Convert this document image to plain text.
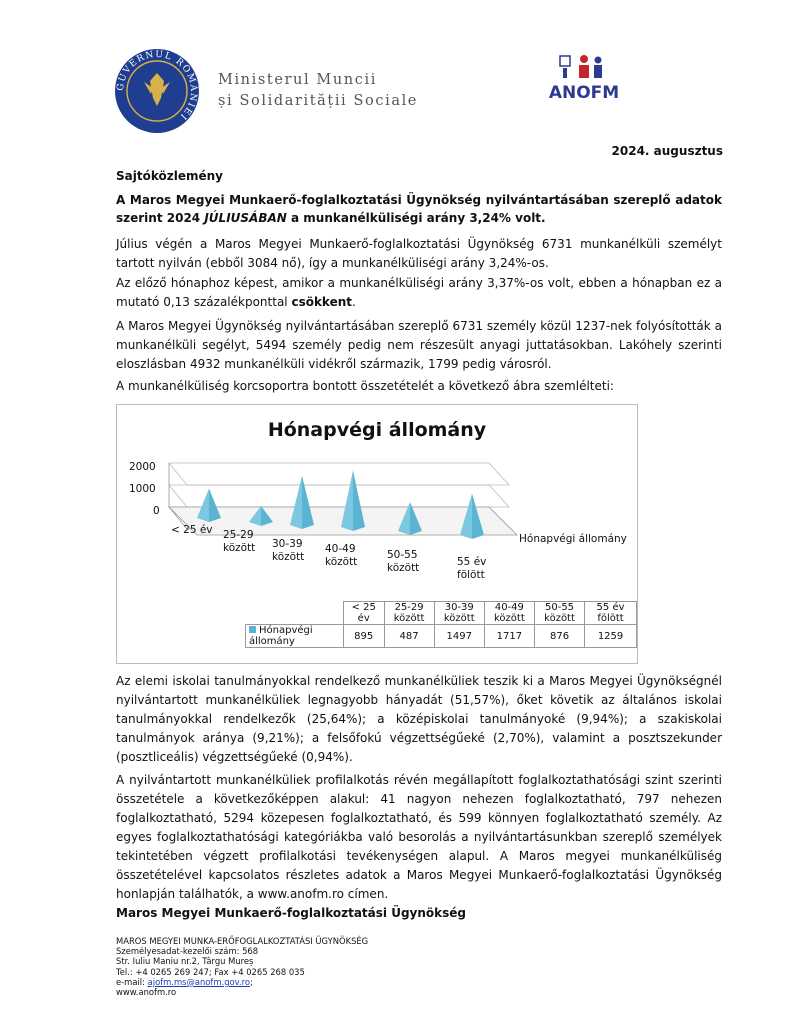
GUVERNUL ROMÂNIEI
Ministerul Muncii
și Solidarității Sociale	ANOFM
2024. augusztus
Sajtóközlemény
A Maros Megyei Munkaerő-foglalkoztatási Ügynökség nyilvántartásában szereplő adatok szerint 2024 JÚLIUSÁBAN a munkanélküliségi arány 3,24% volt.
Július végén a Maros Megyei Munkaerő-foglalkoztatási Ügynökség 6731 munkanélküli személyt tartott nyilván (ebből 3084 nő), így a munkanélküliségi arány 3,24%-os.
Az előző hónaphoz képest, amikor a munkanélküliségi arány 3,37%-os volt, ebben a hónapban ez a mutató 0,13 százalékponttal csökkent.
A Maros Megyei Ügynökség nyilvántartásában szereplő 6731 személy közül 1237-nek folyósították a munkanélküli segélyt, 5494 személy pedig nem részesült anyagi juttatásokban. Lakóhely szerinti eloszlásban 4932 munkanélküli vidékről származik, 1799 pedig városról.
A munkanélküliség korcsoportra bontott összetételét a következő ábra szemlélteti:
Hónapvégi állomány
2000
1000
0
< 25 év 25-29 között	30-39 között
40-49 között
50-55 között	55 év fölött
Hónapvégi állomány
	< 25 év	25-29 között	30-39 között	40-49 között	50-55 között	55 év fölött
Hónapvégi állomány	895	487	1497	1717	876	1259
Az elemi iskolai tanulmányokkal rendelkező munkanélküliek teszik ki a Maros Megyei Ügynökségnél nyilvántartott munkanélküliek legnagyobb hányadát (51,57%), őket követik az általános iskolai tanulmányokkal rendelkezők (25,64%); a középiskolai tanulmányoké (9,94%); a szakiskolai tanulmányok aránya (9,21%); a felsőfokú végzettségűeké (2,70%), valamint a posztszekunder (posztliceális) végzettségűeké (0,94%).
A nyilvántartott munkanélküliek profilalkotás révén megállapított foglalkoztathatósági szint szerinti összetétele a következőképpen alakul: 41 nagyon nehezen foglalkoztatható, 797 nehezen foglalkoztatható, 5294 közepesen foglalkoztatható, és 599 könnyen foglalkoztatható személy. Az egyes foglalkoztathatósági kategóriákba való besorolás a nyilvántartásunkban szereplő személyek tekintetében végzett profilalkotási tevékenységen alapul. A Maros megyei munkanélküliség összetételével kapcsolatos részletes adatok a Maros Megyei Munkaerő-foglalkoztatási Ügynökség honlapján találhatók, a www.anofm.ro címen.
Maros Megyei Munkaerő-foglalkoztatási Ügynökség
MAROS MEGYEI MUNKA-ERŐFOGLALKOZTATÁSI ÜGYNÖKSÉG
Személyesadat-kezelői szám: 568
Str. Iuliu Maniu nr.2, Târgu Mureș
Tel.: +4 0265 269 247; Fax +4 0265 268 035
e-mail: ajofm.ms@anofm.gov.ro;
www.anofm.ro
